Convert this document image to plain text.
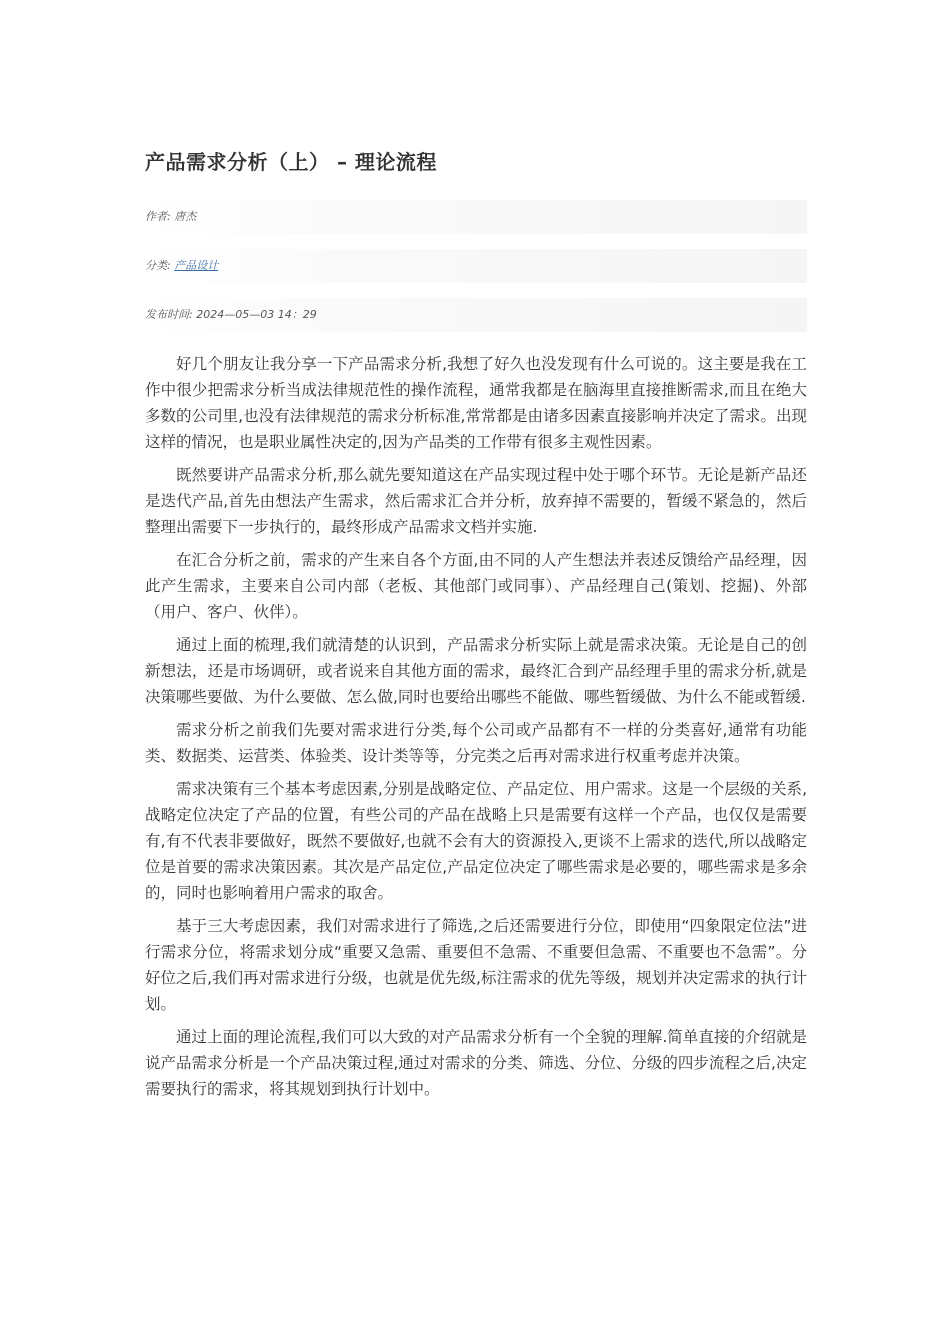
产品需求分析（上） – 理论流程
作者: 唐杰
分类: 产品设计
发布时间: 2024—05—03 14：29

好几个朋友让我分享一下产品需求分析,我想了好久也没发现有什么可说的。这主要是我在工作中很少把需求分析当成法律规范性的操作流程，通常我都是在脑海里直接推断需求,而且在绝大多数的公司里,也没有法律规范的需求分析标准,常常都是由诸多因素直接影响并决定了需求。出现这样的情况，也是职业属性决定的,因为产品类的工作带有很多主观性因素。

既然要讲产品需求分析,那么就先要知道这在产品实现过程中处于哪个环节。无论是新产品还是迭代产品,首先由想法产生需求，然后需求汇合并分析，放弃掉不需要的，暂缓不紧急的，然后整理出需要下一步执行的，最终形成产品需求文档并实施.

在汇合分析之前，需求的产生来自各个方面,由不同的人产生想法并表述反馈给产品经理，因此产生需求，主要来自公司内部（老板、其他部门或同事）、产品经理自己(策划、挖掘)、外部（用户、客户、伙伴）。

通过上面的梳理,我们就清楚的认识到，产品需求分析实际上就是需求决策。无论是自己的创新想法，还是市场调研，或者说来自其他方面的需求，最终汇合到产品经理手里的需求分析,就是决策哪些要做、为什么要做、怎么做,同时也要给出哪些不能做、哪些暂缓做、为什么不能或暂缓.

需求分析之前我们先要对需求进行分类,每个公司或产品都有不一样的分类喜好,通常有功能类、数据类、运营类、体验类、设计类等等，分完类之后再对需求进行权重考虑并决策。

需求决策有三个基本考虑因素,分别是战略定位、产品定位、用户需求。这是一个层级的关系,战略定位决定了产品的位置，有些公司的产品在战略上只是需要有这样一个产品，也仅仅是需要有,有不代表非要做好，既然不要做好,也就不会有大的资源投入,更谈不上需求的迭代,所以战略定位是首要的需求决策因素。其次是产品定位,产品定位决定了哪些需求是必要的，哪些需求是多余的，同时也影响着用户需求的取舍。

基于三大考虑因素，我们对需求进行了筛选,之后还需要进行分位，即使用“四象限定位法”进行需求分位，将需求划分成“重要又急需、重要但不急需、不重要但急需、不重要也不急需”。分好位之后,我们再对需求进行分级，也就是优先级,标注需求的优先等级，规划并决定需求的执行计划。

通过上面的理论流程,我们可以大致的对产品需求分析有一个全貌的理解.简单直接的介绍就是说产品需求分析是一个产品决策过程,通过对需求的分类、筛选、分位、分级的四步流程之后,决定需要执行的需求，将其规划到执行计划中。
